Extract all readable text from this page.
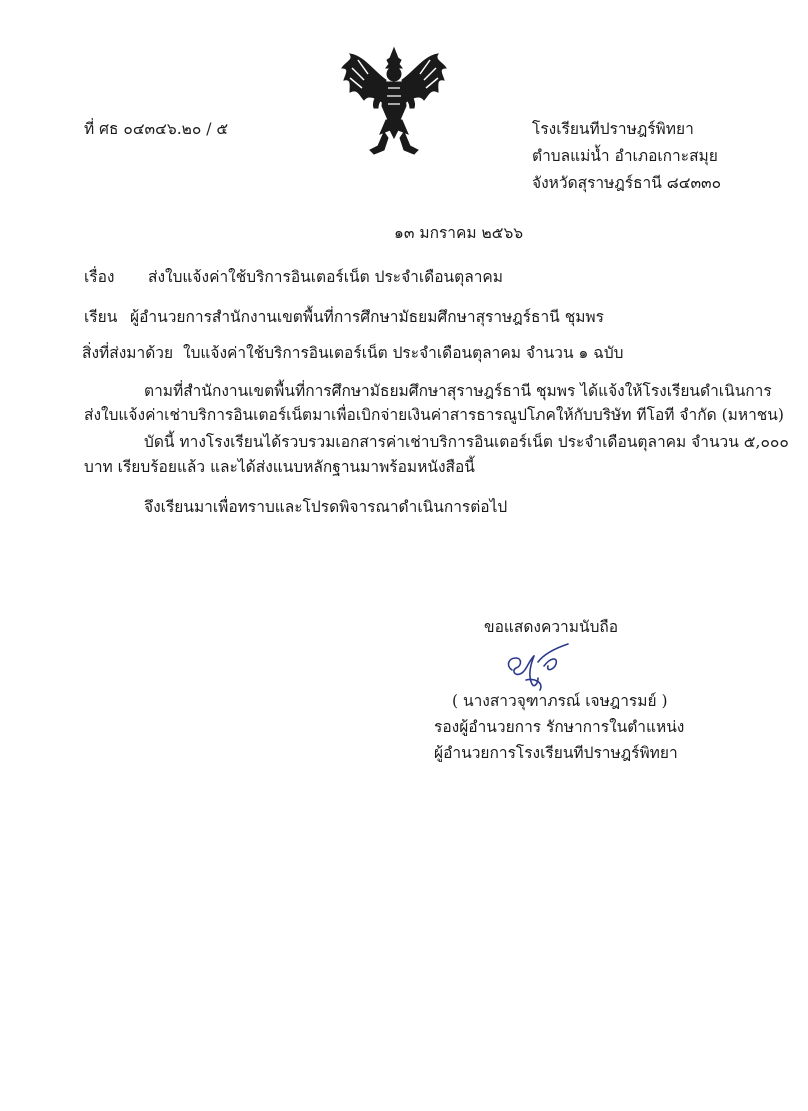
ที่ ศธ ๐๔๓๔๖.๒๐ / ๕	โรงเรียนทีปราษฎร์พิทยา
ตำบลแม่น้ำ อำเภอเกาะสมุย
จังหวัดสุราษฎร์ธานี ๘๔๓๓๐
๑๓ มกราคม ๒๕๖๖
เรื่อง ส่งใบแจ้งค่าใช้บริการอินเตอร์เน็ต ประจำเดือนตุลาคม
เรียน ผู้อำนวยการสำนักงานเขตพื้นที่การศึกษามัธยมศึกษาสุราษฎร์ธานี ชุมพร
สิ่งที่ส่งมาด้วย ใบแจ้งค่าใช้บริการอินเตอร์เน็ต ประจำเดือนตุลาคม จำนวน ๑ ฉบับ
ตามที่สำนักงานเขตพื้นที่การศึกษามัธยมศึกษาสุราษฎร์ธานี ชุมพร ได้แจ้งให้โรงเรียนดำเนินการ
ส่งใบแจ้งค่าเช่าบริการอินเตอร์เน็ตมาเพื่อเบิกจ่ายเงินค่าสารธารณูปโภคให้กับบริษัท ทีโอที จำกัด (มหาชน)
บัดนี้ ทางโรงเรียนได้รวบรวมเอกสารค่าเช่าบริการอินเตอร์เน็ต ประจำเดือนตุลาคม จำนวน ๕,๐๐๐
บาท เรียบร้อยแล้ว และได้ส่งแนบหลักฐานมาพร้อมหนังสือนี้
จึงเรียนมาเพื่อทราบและโปรดพิจารณาดำเนินการต่อไป
ขอแสดงความนับถือ
( นางสาวจุฑาภรณ์ เจษฎารมย์ )
รองผู้อำนวยการ รักษาการในตำแหน่ง
ผู้อำนวยการโรงเรียนทีปราษฎร์พิทยา
